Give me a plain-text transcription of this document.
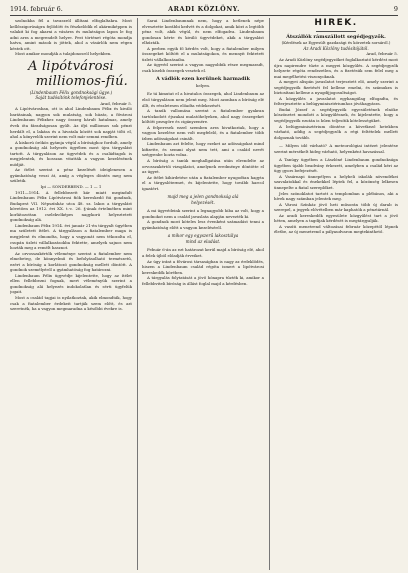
1914. február 6.	ARADI KÖZLÖNY.	9

szolnokba fél a tavaszról állítani elfoglaltakra. Most kellőszigorúságra fejlődött és fészkelődik el akármiképpen is valakit ki fog akarni a vásárra és mulatságos lapon le fog adni arra a megrendelt helyre. Pest történet régóta mondja hatva, amint mások is jöttek, ahol a vásárlók nem régen késtek ott.

Most amikor mondják a tulajdonosról helyekben.

A lipótvárosi
milliomos-fiú.

(Lindenbaum Félix gondnoksági ügye.)

Saját tudósítónk telefonjelentése.

Arad, február 5.

A Lipótvárosban, ott is ahol Lindenbaum Félix és kiváló barátainak, nagyon sok mulatság, sok húzás, a fővárosi Lindenbaum Félixhez nagy összeg hárult hatalmas, amely évek óta fáradságosan gyűlt. Az ifjú milliomos sok pénzt herdált el, a lakása és a hivatala között sok napját tölti el, ahol a könyvelők szerint nem volt már semmi rendben.

A kiskorú örökös gyámja végül a bírósághoz fordult, amely a gondnokság alá helyezés ügyében most újra tárgyalást tartott. A tárgyaláson az ügyvédek és a családtagok is megjelentek, és hosszan vitatták a vagyon kezelésének módját.

Az ítélet szerint a pénz kezelését ideiglenesen a gyámhatóság veszi át, amíg a végleges döntés meg nem születik.

Ipi — SONDERBEND. — 1 — 1

1911—1914. A fellebbezett kár miatt megindult Lindenbaum Félix Lipótvárosi fiók kereskedő fiú gondnok, Budapest VII. Népszínház utca 48. sz. lakos a tárgyalást követően az 1912. évi XX. t.-c. 26. §-ának értelmében mint korlátozottan cselekvőképes nagykorú helyeztetett gondnokság alá.

Lindenbaum Félix 1914. évi január 21-én tárgyalt ügyében ma született ítélet. A tárgyaláson a fiatalember maga is megjelent és elmondta, hogy a vagyonát nem tékozolta el, csupán üzleti vállalkozásokba fektette, amelyek sajnos nem hozták meg a remélt hasznot.

Az orvosszakértők véleménye szerint a fiatalember nem elmebeteg, de könnyelmű és befolyásolható természetű, ezért a bíróság a korlátozó gondnokság mellett döntött. A gondnok személyéről a gyámhatóság fog határozni.

Lindenbaum Félix ügyvédje kijelentette, hogy az ítélet ellen fellebbezni fognak, mert véleményük szerint a gondnokság alá helyezés indokolatlan és sérti ügyfelük jogait.

Most a család tagjai is nyilatkoztak, akik elmondták, hogy csak a fiatalember érdekeit tartják szem előtt, és azt szeretnék, ha a vagyon megmaradna a későbbi évekre is.

Sarai Lindenbaumnak nem, hogy a hetlenek népe elvesztette korábbi kedvét és a dolgokat, amik közt a legtöbb pénz volt, akik végül, és nem elfogadva. Lindenbaum gondosan kérte és kiváló ügyvédeket, akik a tárgyalást elhúzták.

A perben egyik fő kérdés volt, hogy a fiatalember milyen összegeket költött el a mulatságokon, és mennyit fektetett üzleti vállalkozásaiba.

Az ügyvéd szerint a vagyon nagyobbik része megmaradt, csak kisebb összegek vesztek el.

A vádlók ezen kerülnek harmadik

helyen.

Ez tá kimutat el a hivatalos összegek, ahol Lindenbaum az első tárgyaláson nem jelent meg. Most azonban a bíróság elé állt, és részletesen előadta védekezését.

A tanúk vallomása szerint a fiatalember gyakran tartózkodott éjszakai mulatóhelyeken, ahol nagy összegeket költött pezsgőre és cigányzenére.

A felperesek ezzel szemben arra hivatkoztak, hogy a vagyon kezelése nem volt megfelelő, és a fiatalember több ízben adósságokat csinált.

Lindenbaum azt felelte, hogy ezeket az adósságokat mind kifizette, és semmi olyat nem tett, ami a család nevét szégyenbe hozta volna.

A bíróság a tanúk meghallgatása után elrendelte az orvosszakértői vizsgálatot, amelynek eredménye döntötte el az ügyet.

Az ítélet kihirdetése után a fiatalember nyugodtan hagyta el a tárgyalótermet, és kijelentette, hogy tovább harcol igazáért.

majd meg a jelen gondnokság alá

helyezését.

A mi ügyvédeink szerint a legnagyobb hiba az volt, hogy a gondnokot nem a család javaslata alapján nevezték ki.

A gondnok most köteles lesz évenként számadást tenni a gyámhatóság előtt a vagyon kezeléséről.

a mikor egy egyszerű lakosztálya

mind az eladást.

Febuár 6-án az ezt határozat kerül majd a bíróság elé, ahol a felek újból előadják érveiket.

Az ügy iránt a fővárosi társaságban is nagy az érdeklődés, hiszen a Lindenbaum család régóta ismert a lipótvárosi kereskedők körében.

A tárgyalás folytatását a jövő hónapra tűzték ki, amikor a fellebbviteli bíróság is állást foglal majd a kérdésben.

HÍREK.

Átszállók rámszállott segédjegyzők.

(Kérdések az Egyesült gazdasági és körzetek sorsáról.)

Az Aradi Közlöny tudósítójától.

Arad, február 5.

Az Aradi Közlöny segédjegyzőket foglalkoztató kérdést most újra napirendre tűzte a megyei közgyűlés. A segédjegyzők helyzete régóta rendezetlen, és a fizetésük sem felel meg a mai megélhetési viszonyoknak.

A megyei alispán javaslatot terjesztett elő, amely szerint a segédjegyzők fizetését fel kellene emelni, és számukra is biztosítani kellene a nyugdíjjogosultságot.

A közgyűlés a javaslatot egyhangúlag elfogadta, és felterjesztette a belügyminisztériumhoz jóváhagyásra.

Budai József a segédjegyzők egyesületének elnöke köszönetet mondott a közgyűlésnek, és kijelentette, hogy a segédjegyzők ezután is hűen teljesítik kötelességüket.

A belügyminisztérium döntése a következő hetekben várható, addig a segédjegyzők a régi feltételek mellett dolgoznak tovább.

— Milyen idő várható? A meteorológiai intézet jelentése szerint mérsékelt hideg várható, helyenként havazással.

A Tanügy ügyében a Lászlóné Lindenbaum gondnoksága ügyében újabb beadvány érkezett, amelyben a család kéri az ügy gyors befejezését.

A Vasárnapi ünnepélyen a helybeli iskolák növendékei szavalatokkal és énekekkel léptek fel, a közönség lelkesen ünnepelte a fiatal szereplőket.

Jeles szónoklatot tartott a templomban a plébános, aki a hívek nagy számban jelentek meg.

A Városi Színház jövő heti műsorán több új darab is szerepel, a jegyek elővételben már kaphatók a pénztárnál.

Az aradi kereskedők egyesülete közgyűlést tart a jövő héten, amelyen a tagdíjak kérdését is megtárgyalják.

A vasúti menetrend változásai február közepétől lépnek életbe, az új menetrend a pályaudvaron megtekinthető.
